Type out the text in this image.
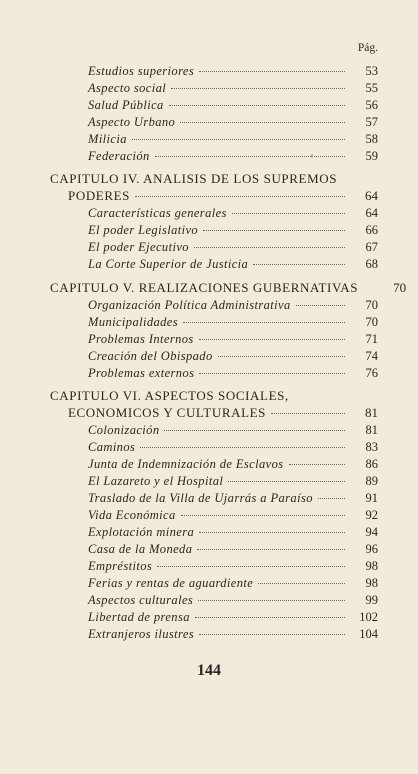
Pág.
Estudios superiores	53
Aspecto social	55
Salud Pública	56
Aspecto Urbano	57
Milicia	58
Federación	59
CAPITULO IV. ANALISIS DE LOS SUPREMOS
PODERES	64
Características generales	64
El poder Legislativo	66
El poder Ejecutivo	67
La Corte Superior de Justicia	68
CAPITULO V. REALIZACIONES GUBERNATIVAS	70
Organización Política Administrativa	70
Municipalidades	70
Problemas Internos	71
Creación del Obispado	74
Problemas externos	76
CAPITULO VI. ASPECTOS SOCIALES,
ECONOMICOS Y CULTURALES	81
Colonización	81
Caminos	83
Junta de Indemnización de Esclavos	86
El Lazareto y el Hospital	89
Traslado de la Villa de Ujarrás a Paraíso	91
Vida Económica	92
Explotación minera	94
Casa de la Moneda	96
Empréstitos	98
Ferias y rentas de aguardiente	98
Aspectos culturales	99
Libertad de prensa	102
Extranjeros ilustres	104
144
